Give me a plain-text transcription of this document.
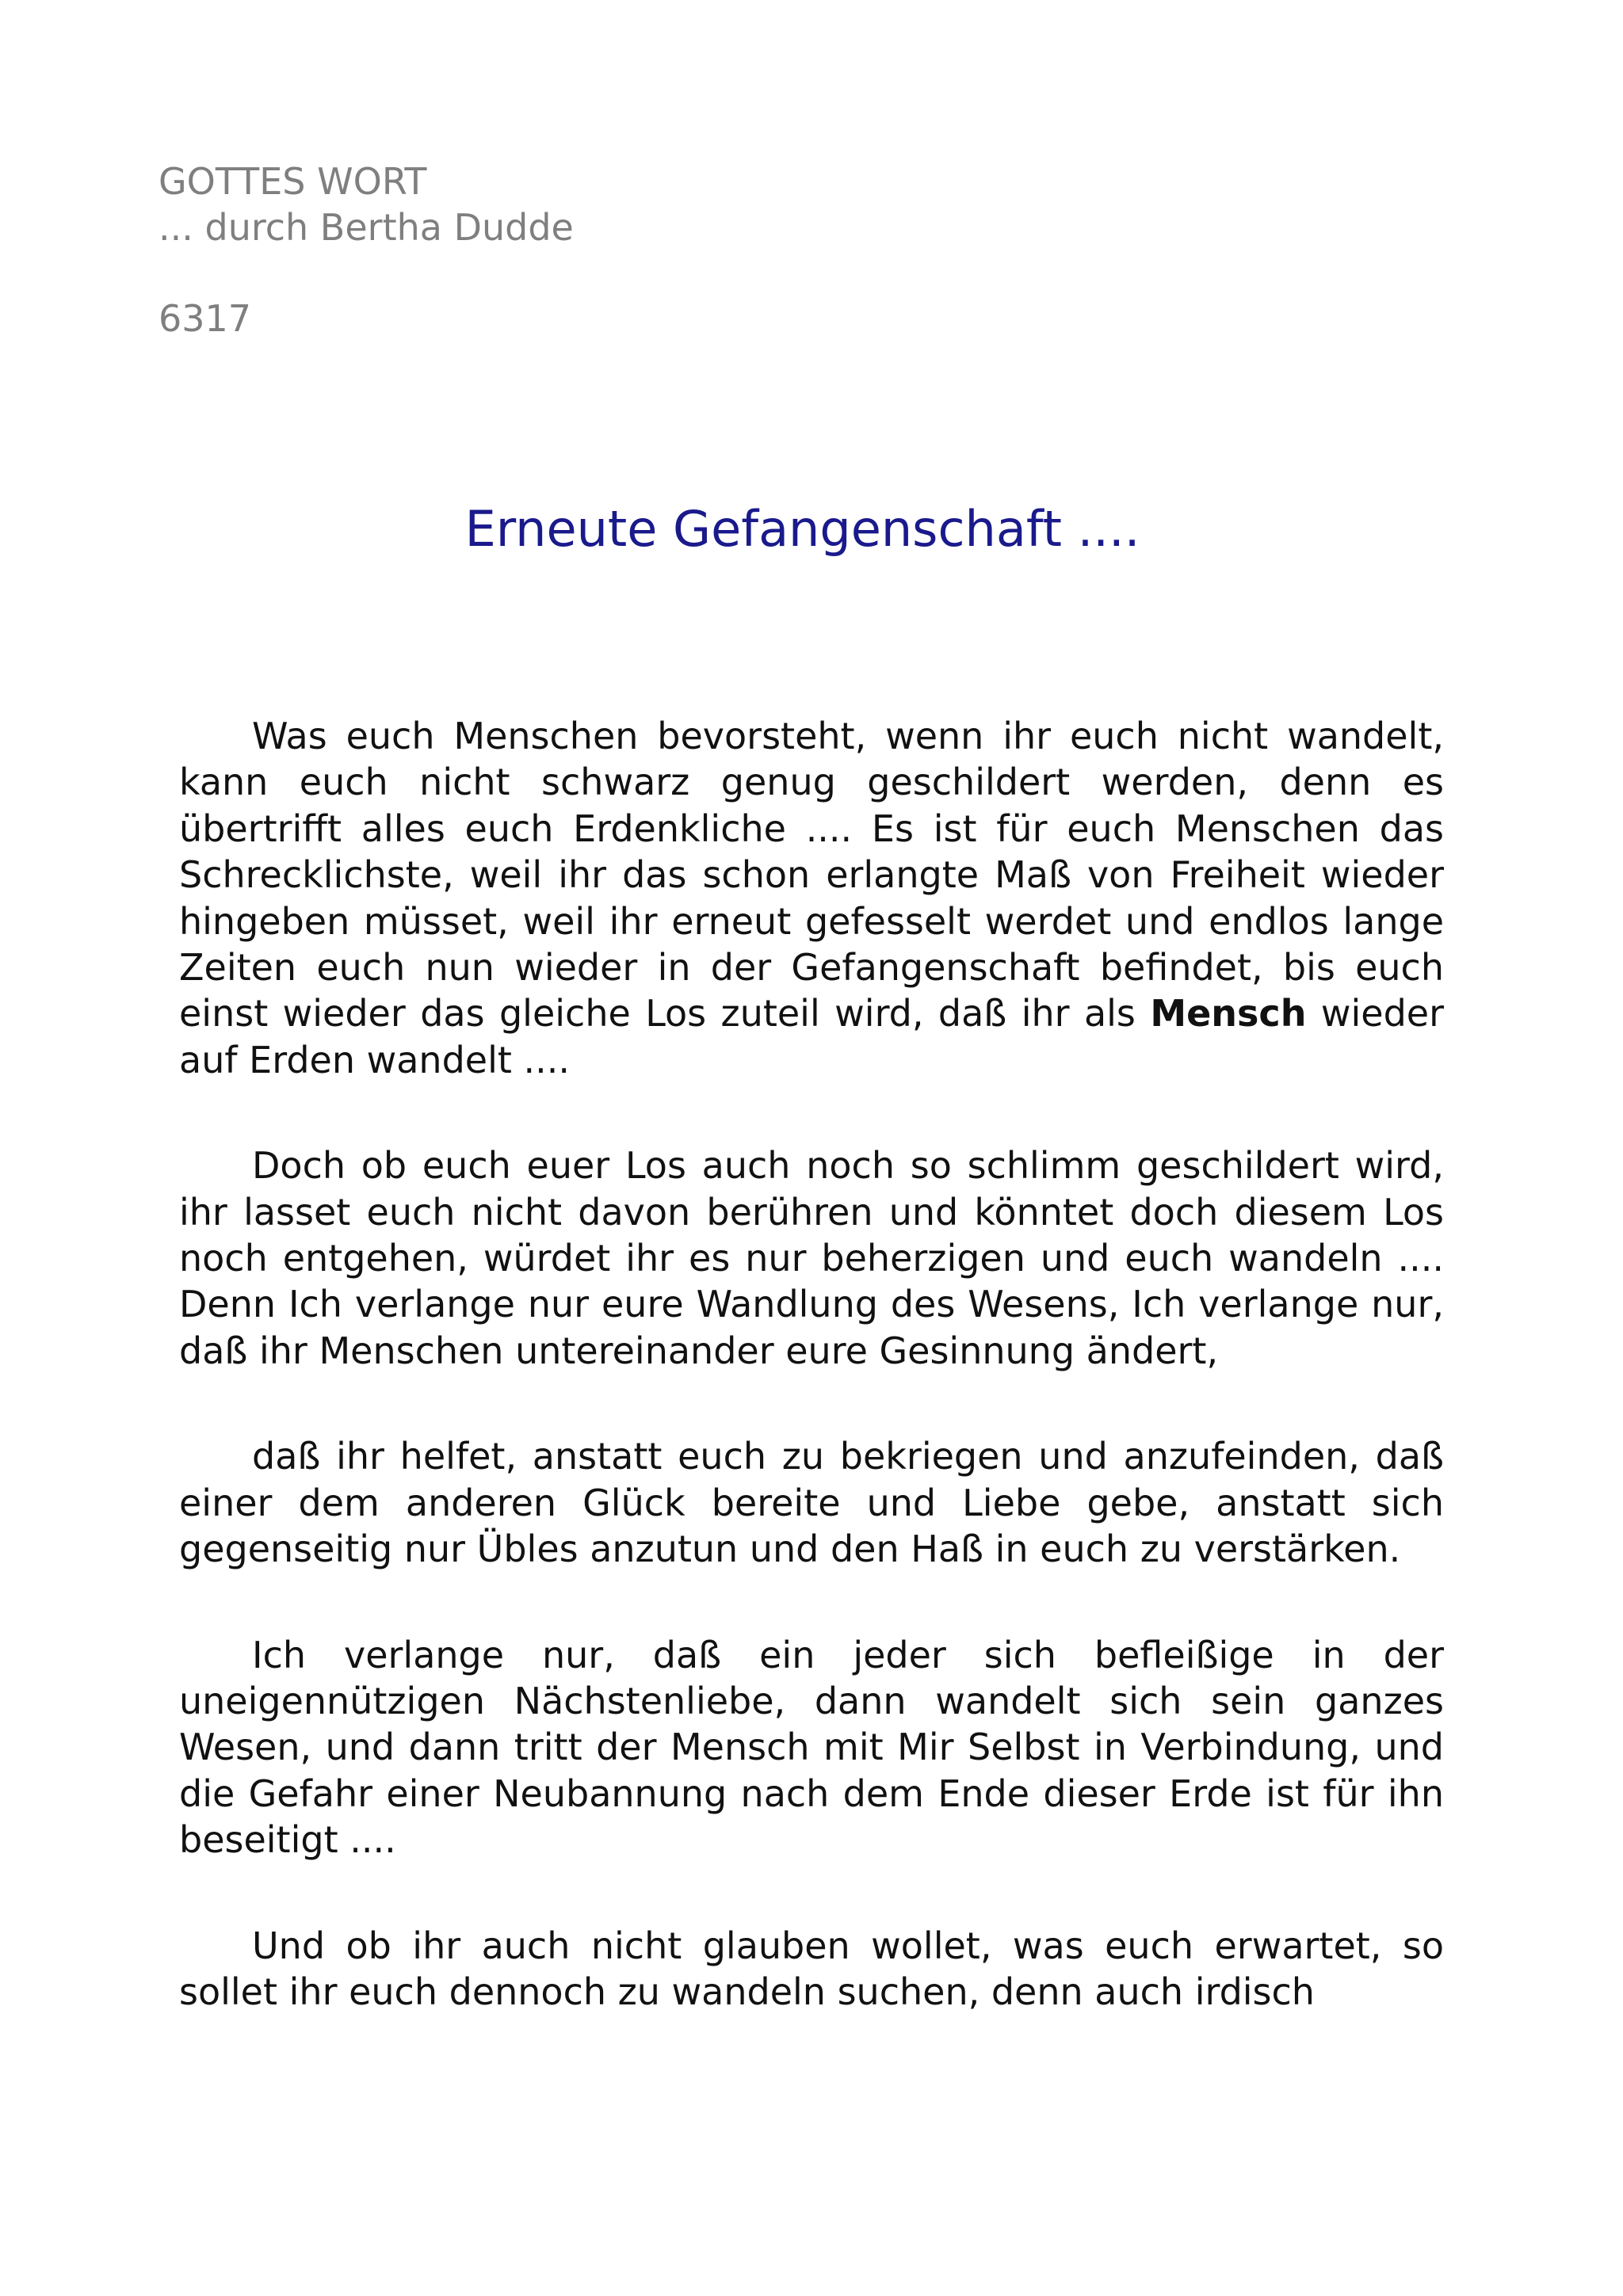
GOTTES WORT
... durch Bertha Dudde
6317
Erneute Gefangenschaft ....

Was euch Menschen bevorsteht, wenn ihr euch nicht wandelt, kann euch nicht schwarz genug geschildert werden, denn es übertrifft alles euch Erdenkliche .... Es ist für euch Menschen das Schrecklichste, weil ihr das schon erlangte Maß von Freiheit wieder hingeben müsset, weil ihr erneut gefesselt werdet und endlos lange Zeiten euch nun wieder in der Gefangenschaft befindet, bis euch einst wieder das gleiche Los zuteil wird, daß ihr als Mensch wieder auf Erden wandelt ....

Doch ob euch euer Los auch noch so schlimm geschildert wird, ihr lasset euch nicht davon berühren und könntet doch diesem Los noch entgehen, würdet ihr es nur beherzigen und euch wandeln .... Denn Ich verlange nur eure Wandlung des Wesens, Ich verlange nur, daß ihr Menschen untereinander eure Gesinnung ändert,

daß ihr helfet, anstatt euch zu bekriegen und anzufeinden, daß einer dem anderen Glück bereite und Liebe gebe, anstatt sich gegenseitig nur Übles anzutun und den Haß in euch zu verstärken.

Ich verlange nur, daß ein jeder sich befleißige in der uneigennützigen Nächstenliebe, dann wandelt sich sein ganzes Wesen, und dann tritt der Mensch mit Mir Selbst in Verbindung, und die Gefahr einer Neubannung nach dem Ende dieser Erde ist für ihn beseitigt ....

Und ob ihr auch nicht glauben wollet, was euch erwartet, so sollet ihr euch dennoch zu wandeln suchen, denn auch irdisch
